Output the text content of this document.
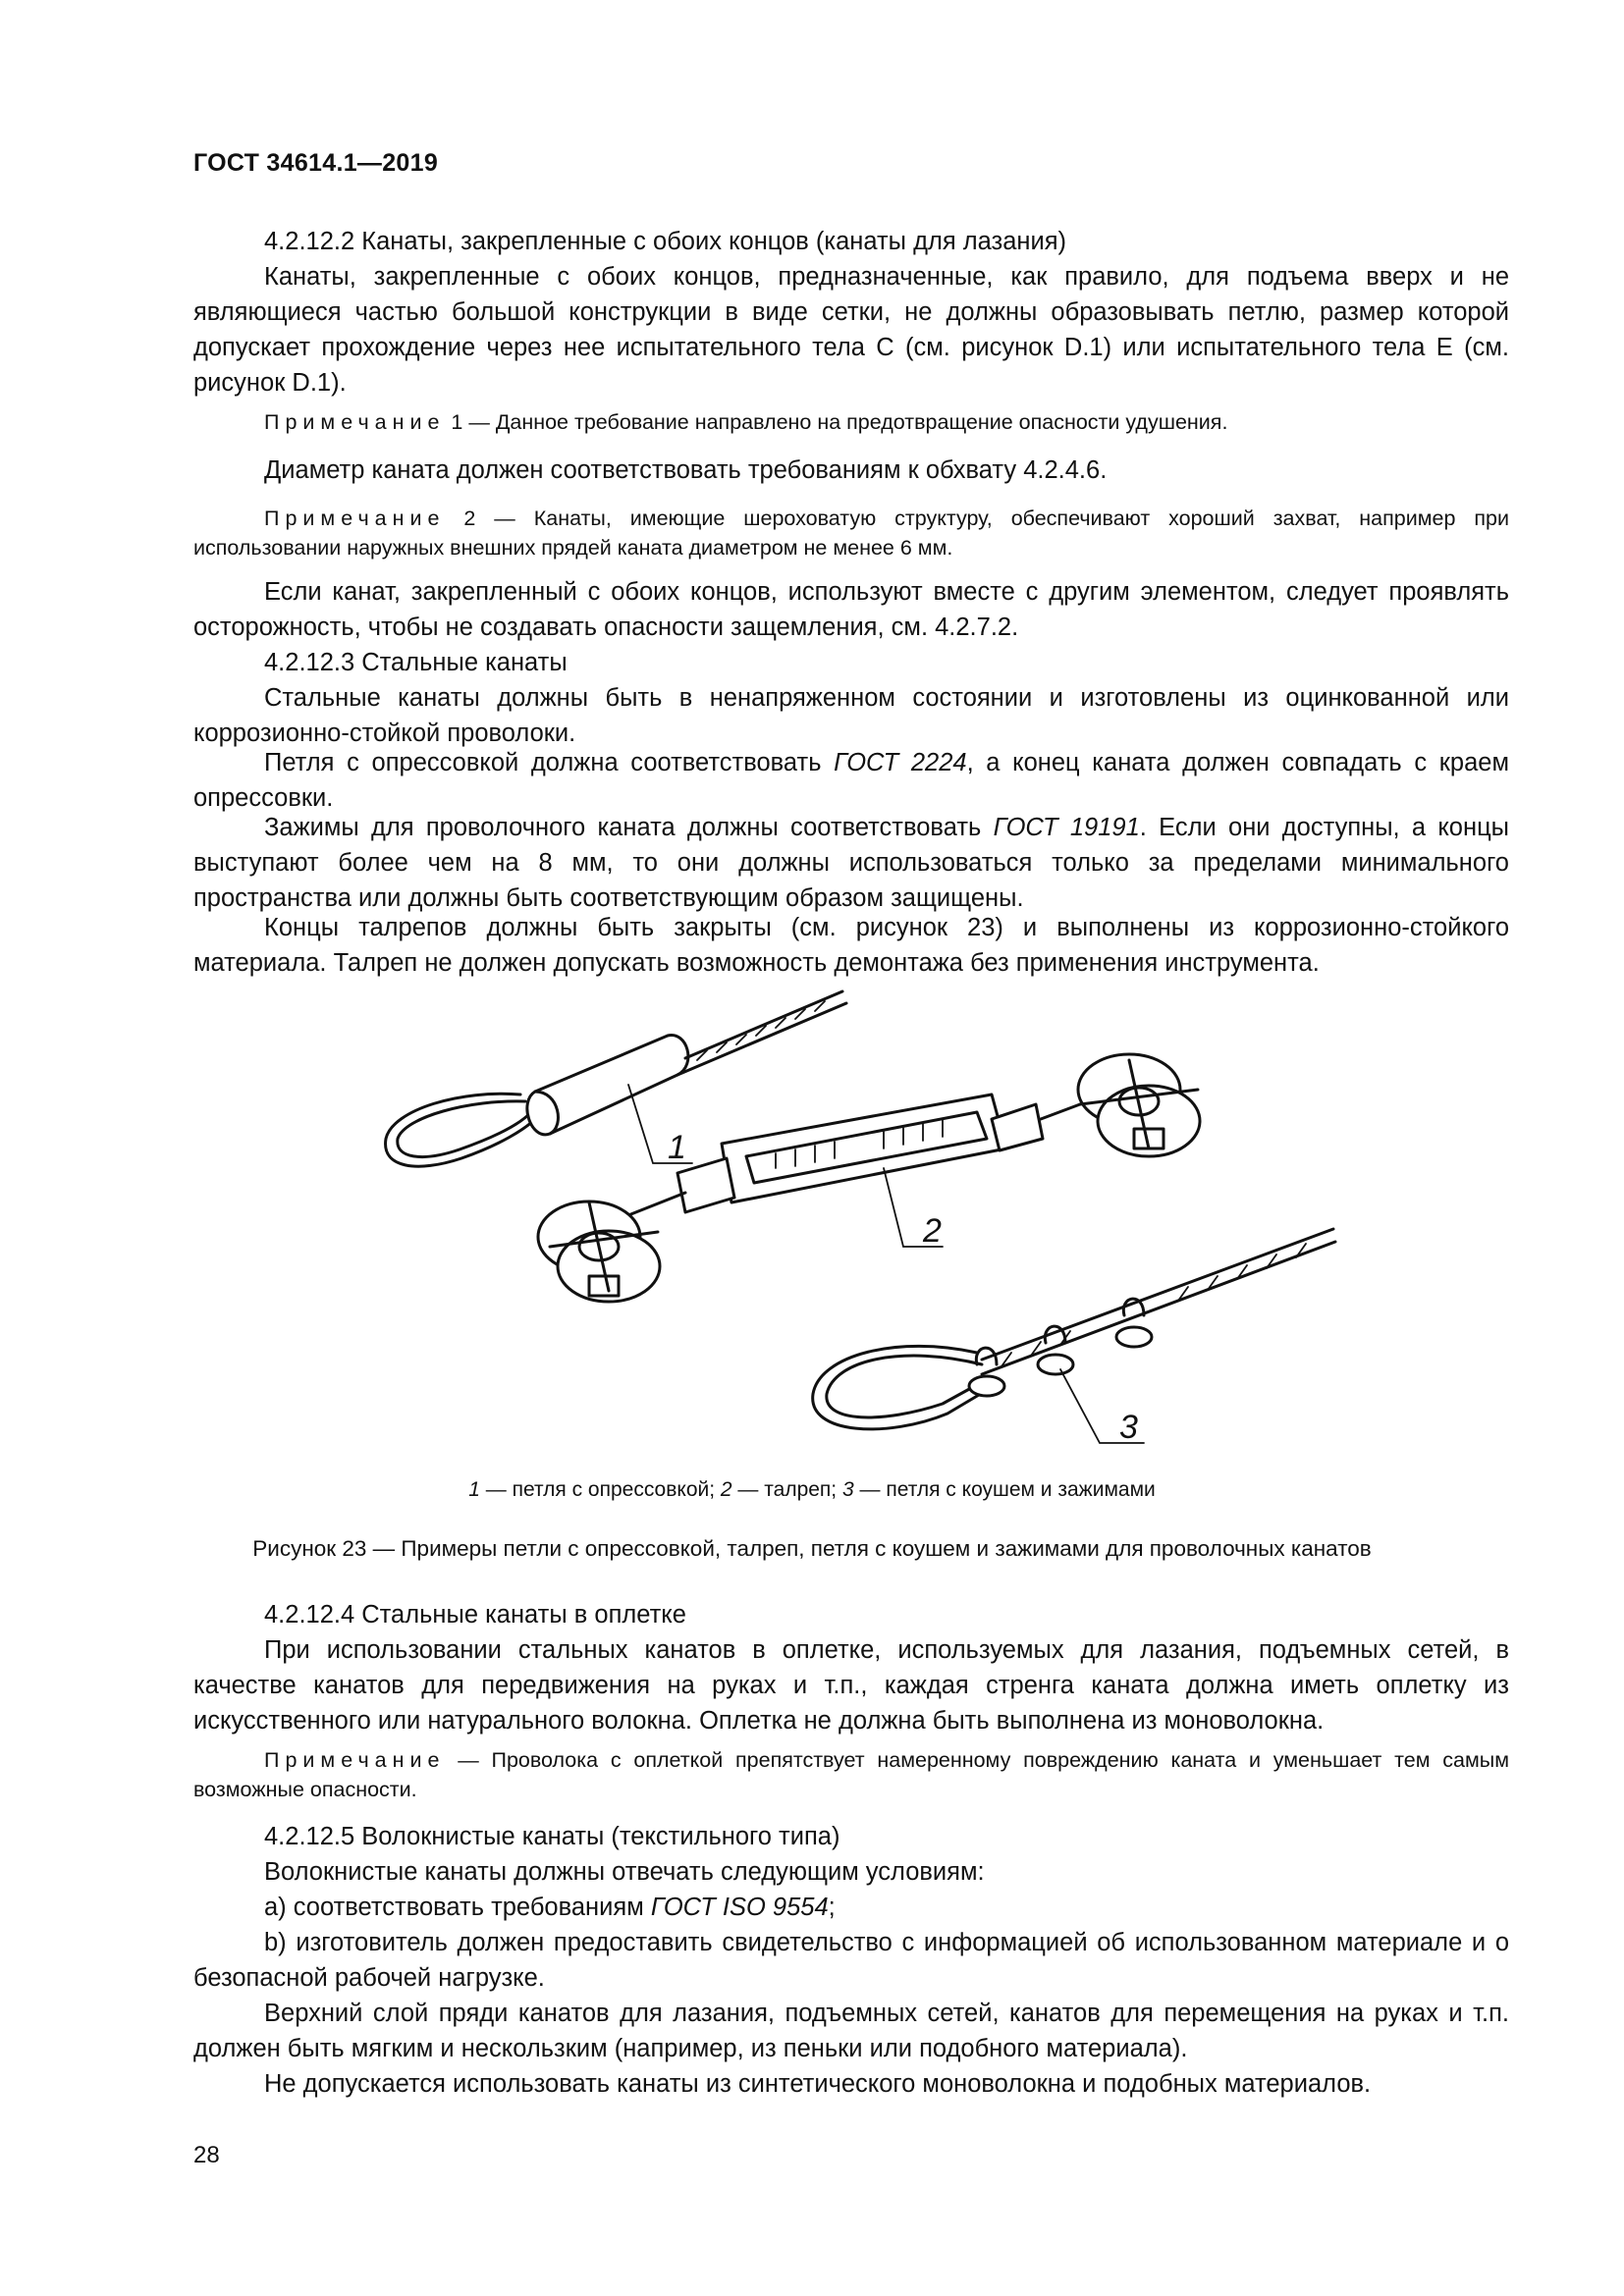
ГОСТ 34614.1—2019

4.2.12.2 Канаты, закрепленные с обоих концов (канаты для лазания)

Канаты, закрепленные с обоих концов, предназначенные, как правило, для подъема вверх и не являющиеся частью большой конструкции в виде сетки, не должны образовывать петлю, размер которой допускает прохождение через нее испытательного тела С (см. рисунок D.1) или испытательного тела Е (см. рисунок D.1).

Примечание 1 — Данное требование направлено на предотвращение опасности удушения.

Диаметр каната должен соответствовать требованиям к обхвату 4.2.4.6.

Примечание 2 — Канаты, имеющие шероховатую структуру, обеспечивают хороший захват, например при использовании наружных внешних прядей каната диаметром не менее 6 мм.

Если канат, закрепленный с обоих концов, используют вместе с другим элементом, следует проявлять осторожность, чтобы не создавать опасности защемления, см. 4.2.7.2.

4.2.12.3 Стальные канаты

Стальные канаты должны быть в ненапряженном состоянии и изготовлены из оцинкованной или коррозионно-стойкой проволоки.

Петля с опрессовкой должна соответствовать ГОСТ 2224, а конец каната должен совпадать с краем опрессовки.

Зажимы для проволочного каната должны соответствовать ГОСТ 19191. Если они доступны, а концы выступают более чем на 8 мм, то они должны использоваться только за пределами минимального пространства или должны быть соответствующим образом защищены.

Концы талрепов должны быть закрыты (см. рисунок 23) и выполнены из коррозионно-стойкого материала. Талреп не должен допускать возможность демонтажа без применения инструмента.

1
2
3
1 — петля с опрессовкой; 2 — талреп; 3 — петля с коушем и зажимами
Рисунок 23 — Примеры петли с опрессовкой, талреп, петля с коушем и зажимами для проволочных канатов

4.2.12.4 Стальные канаты в оплетке

При использовании стальных канатов в оплетке, используемых для лазания, подъемных сетей, в качестве канатов для передвижения на руках и т.п., каждая стренга каната должна иметь оплетку из искусственного или натурального волокна. Оплетка не должна быть выполнена из моноволокна.

Примечание — Проволока с оплеткой препятствует намеренному повреждению каната и уменьшает тем самым возможные опасности.

4.2.12.5 Волокнистые канаты (текстильного типа)

Волокнистые канаты должны отвечать следующим условиям:

a) соответствовать требованиям ГОСТ ISO 9554;

b) изготовитель должен предоставить свидетельство с информацией об использованном материале и о безопасной рабочей нагрузке.

Верхний слой пряди канатов для лазания, подъемных сетей, канатов для перемещения на руках и т.п. должен быть мягким и нескользким (например, из пеньки или подобного материала).

Не допускается использовать канаты из синтетического моноволокна и подобных материалов.

28
